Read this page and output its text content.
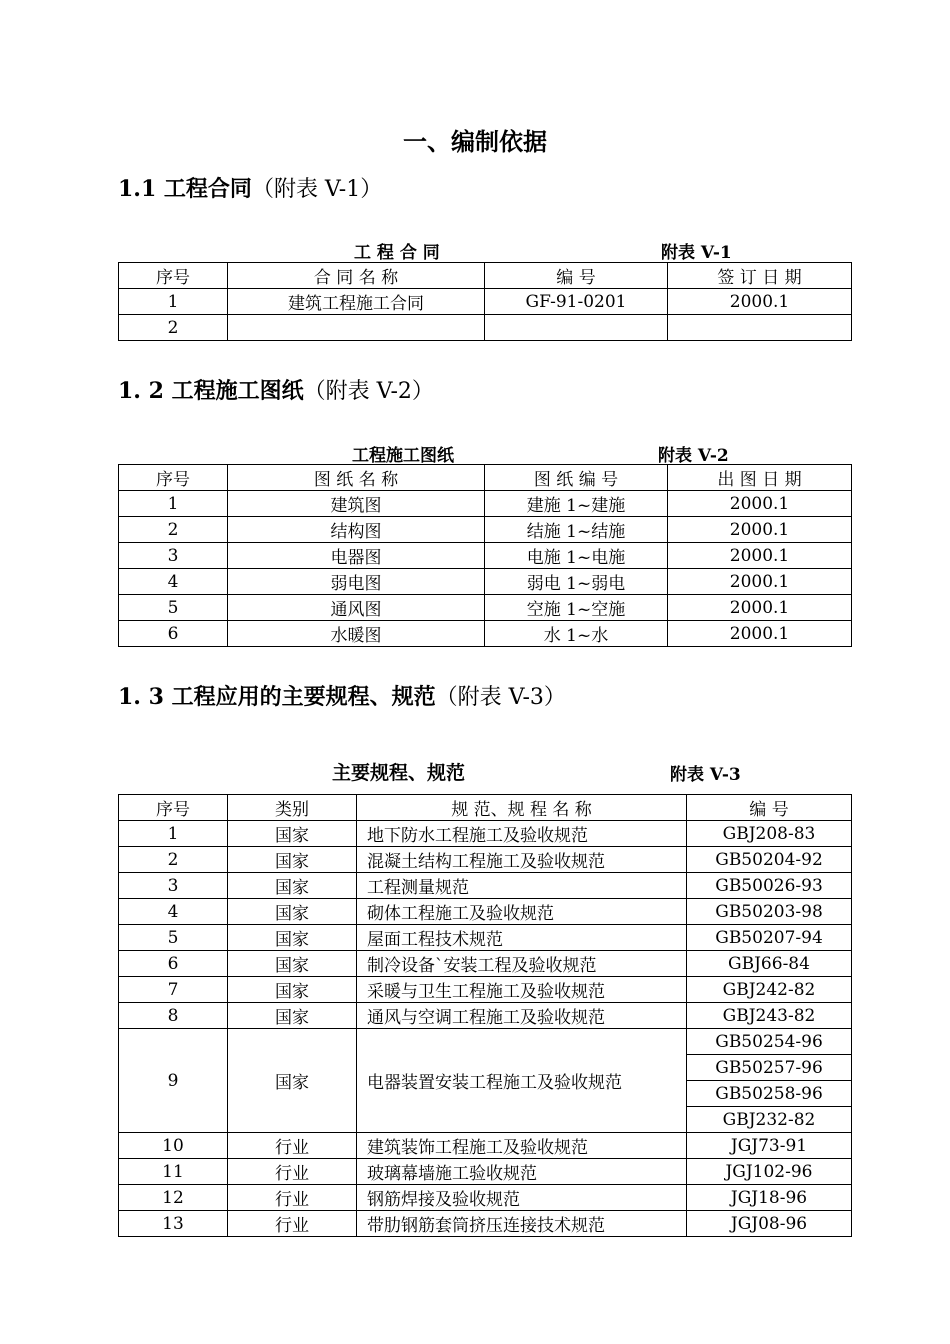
一、编制依据
1.1 工程合同（附表 V-1）
工 程 合 同	附表 V-1
序号	合 同 名 称	编 号	签 订 日 期
1	建筑工程施工合同	GF-91-0201	2000.1
2			
1. 2 工程施工图纸（附表 V-2）
工程施工图纸	附表 V-2
序号	图 纸 名 称	图 纸 编 号	出 图 日 期
1	建筑图	建施 1~建施	2000.1
2	结构图	结施 1~结施	2000.1
3	电器图	电施 1~电施	2000.1
4	弱电图	弱电 1~弱电	2000.1
5	通风图	空施 1~空施	2000.1
6	水暖图	水 1~水	2000.1
1. 3 工程应用的主要规程、规范（附表 V-3）
主要规程、规范	附表 V-3
序号	类别	规 范、规 程 名 称	编 号
1	国家	地下防水工程施工及验收规范	GBJ208-83
2	国家	混凝土结构工程施工及验收规范	GB50204-92
3	国家	工程测量规范	GB50026-93
4	国家	砌体工程施工及验收规范	GB50203-98
5	国家	屋面工程技术规范	GB50207-94
6	国家	制冷设备`安装工程及验收规范	GBJ66-84
7	国家	采暖与卫生工程施工及验收规范	GBJ242-82
8	国家	通风与空调工程施工及验收规范	GBJ243-82
9	国家	电器装置安装工程施工及验收规范	GB50254-96
			GB50257-96
			GB50258-96
			GBJ232-82
10	行业	建筑装饰工程施工及验收规范	JGJ73-91
11	行业	玻璃幕墙施工验收规范	JGJ102-96
12	行业	钢筋焊接及验收规范	JGJ18-96
13	行业	带肋钢筋套筒挤压连接技术规范	JGJ08-96
